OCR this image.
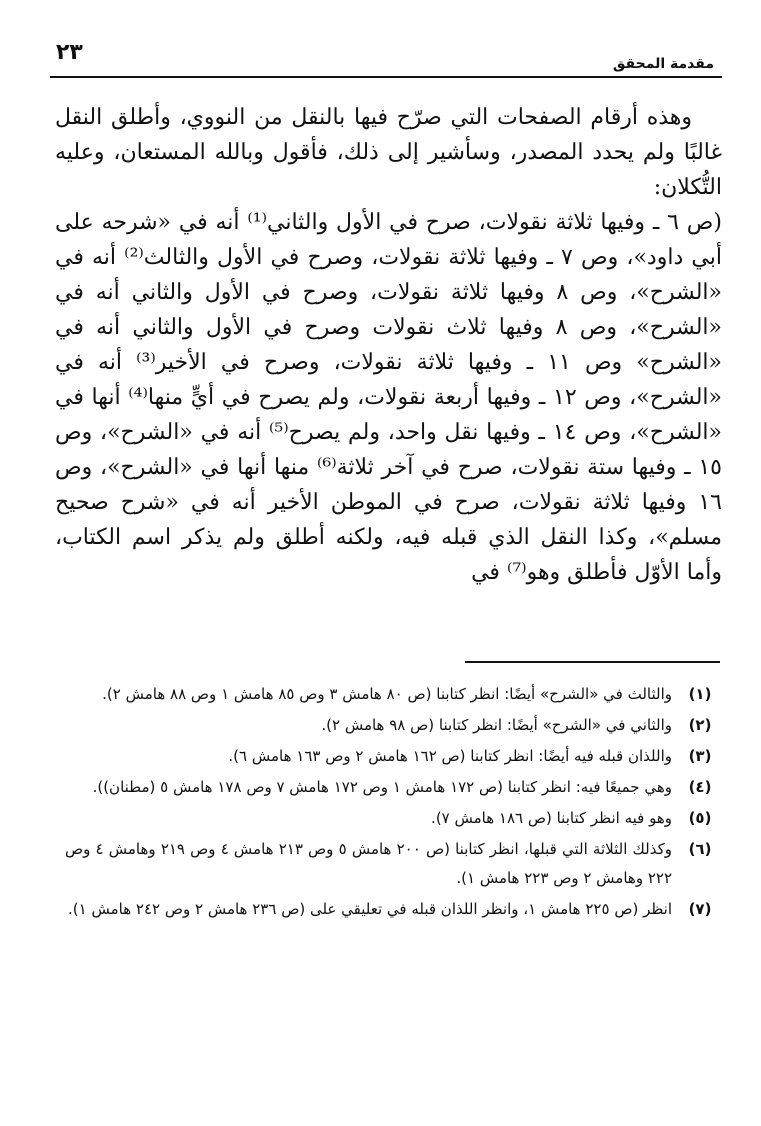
٢٣	مقدمة المحقق

وهذه أرقام الصفحات التي صرّح فيها بالنقل من النووي، وأطلق النقل غالبًا ولم يحدد المصدر، وسأشير إلى ذلك، فأقول وبالله المستعان، وعليه التُّكلان:

(ص ٦ ـ وفيها ثلاثة نقولات، صرح في الأول والثاني⁽¹⁾ أنه في «شرحه على أبي داود»، وص ٧ ـ وفيها ثلاثة نقولات، وصرح في الأول والثالث⁽²⁾ أنه في «الشرح»، وص ٨ وفيها ثلاثة نقولات، وصرح في الأول والثاني أنه في «الشرح»، وص ٨ وفيها ثلاث نقولات وصرح في الأول والثاني أنه في «الشرح» وص ١١ ـ وفيها ثلاثة نقولات، وصرح في الأخير⁽³⁾ أنه في «الشرح»، وص ١٢ ـ وفيها أربعة نقولات، ولم يصرح في أيٍّ منها⁽⁴⁾ أنها في «الشرح»، وص ١٤ ـ وفيها نقل واحد، ولم يصرح⁽⁵⁾ أنه في «الشرح»، وص ١٥ ـ وفيها ستة نقولات، صرح في آخر ثلاثة⁽⁶⁾ منها أنها في «الشرح»، وص ١٦ وفيها ثلاثة نقولات، صرح في الموطن الأخير أنه في «شرح صحيح مسلم»، وكذا النقل الذي قبله فيه، ولكنه أطلق ولم يذكر اسم الكتاب، وأما الأوّل فأطلق وهو⁽⁷⁾ في

(١)
والثالث في «الشرح» أيضًا: انظر كتابنا (ص ٨٠ هامش ٣ وص ٨٥ هامش ١ وص ٨٨ هامش ٢).
(٢)
والثاني في «الشرح» أيضًا: انظر كتابنا (ص ٩٨ هامش ٢).
(٣)
واللذان قبله فيه أيضًا: انظر كتابنا (ص ١٦٢ هامش ٢ وص ١٦٣ هامش ٦).
(٤)
وهي جميعًا فيه: انظر كتابنا (ص ١٧٢ هامش ١ وص ١٧٢ هامش ٧ وص ١٧٨ هامش ٥ (مطنان)).
(٥)
وهو فيه انظر كتابنا (ص ١٨٦ هامش ٧).
(٦)
وكذلك الثلاثة التي قبلها، انظر كتابنا (ص ٢٠٠ هامش ٥ وص ٢١٣ هامش ٤ وص ٢١٩ وهامش ٤ وص ٢٢٢ وهامش ٢ وص ٢٢٣ هامش ١).
(٧)
انظر (ص ٢٢٥ هامش ١، وانظر اللذان قبله في تعليقي على (ص ٢٣٦ هامش ٢ وص ٢٤٢ هامش ١).
